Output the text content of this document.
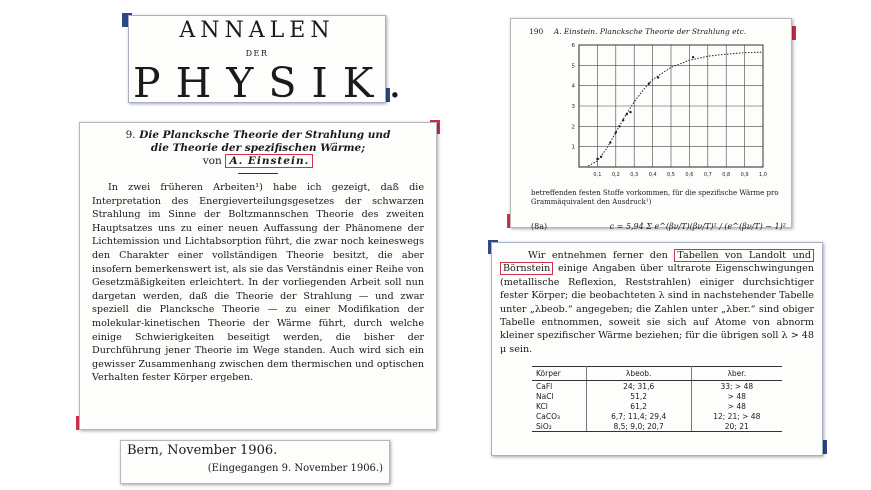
ANNALEN
DER
PHYSIK.
9. Die Plancksche Theorie der Strahlung und
die Theorie der spezifischen Wärme;
von A. Einstein.

In zwei früheren Arbeiten¹) habe ich gezeigt, daß die Interpretation des Energieverteilungsgesetzes der schwarzen Strahlung im Sinne der Boltzmannschen Theorie des zweiten Hauptsatzes uns zu einer neuen Auffassung der Phänomene der Lichtemission und Lichtabsorption führt, die zwar noch keineswegs den Charakter einer vollständigen Theorie besitzt, die aber insofern bemerkenswert ist, als sie das Verständnis einer Reihe von Gesetzmäßigkeiten erleichtert. In der vorliegenden Arbeit soll nun dargetan werden, daß die Theorie der Strahlung — und zwar speziell die Plancksche Theorie — zu einer Modifikation der molekular-kinetischen Theorie der Wärme führt, durch welche einige Schwierigkeiten beseitigt werden, die bisher der Durchführung jener Theorie im Wege standen. Auch wird sich ein gewisser Zusammenhang zwischen dem thermischen und optischen Verhalten fester Körper ergeben.

Bern, November 1906.
(Eingegangen 9. November 1906.)
190 A. Einstein. Plancksche Theorie der Strahlung etc.
0,1 0,2 0,3 0,4 0,5 0,6 0,7 0,8 0,9 1,0
1
2
3
4
5
6
betreffenden festen Stoffe vorkommen, für die spezifische Wärme pro Grammäquivalent den Ausdruck¹)
(8a)	c = 5,94 Σ e^(βν/T)(βν/T)² / (e^(βν/T) − 1)²

Wir entnehmen ferner den Tabellen von Landolt und Börnstein einige Angaben über ultrarote Eigenschwingungen (metallische Reflexion, Reststrahlen) einiger durchsichtiger fester Körper; die beobachteten λ sind in nachstehender Tabelle unter „λbeob.“ angegeben; die Zahlen unter „λber.“ sind obiger Tabelle entnommen, soweit sie sich auf Atome von abnorm kleiner spezifischer Wärme beziehen; für die übrigen soll λ > 48 μ sein.

Körper	λbeob.	λber.
CaFl	24; 31,6	33; > 48
NaCl	51,2	> 48
KCl	61,2	> 48
CaCO₃	6,7; 11,4; 29,4	12; 21; > 48
SiO₂	8,5; 9,0; 20,7	20; 21
